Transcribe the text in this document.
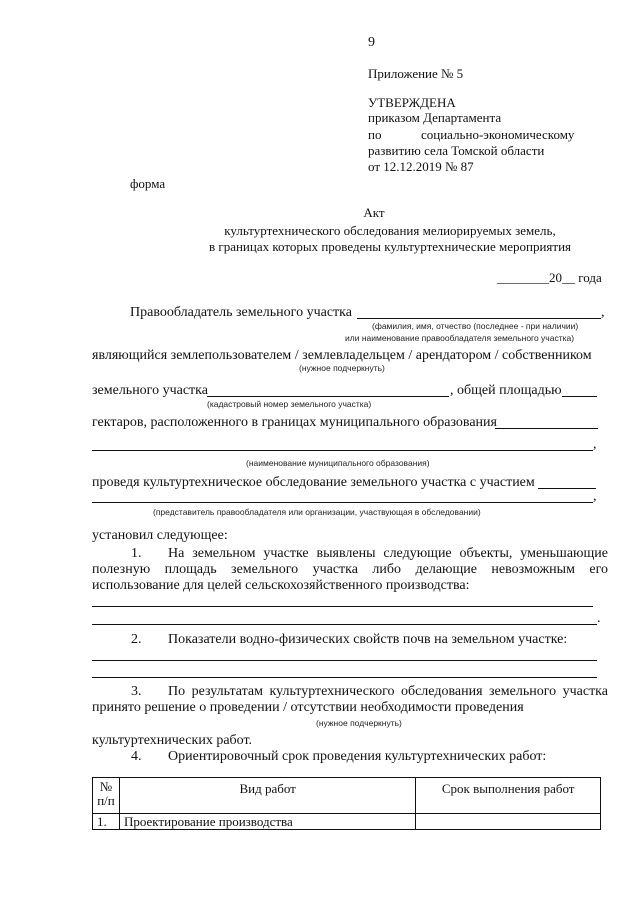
9
Приложение № 5
УТВЕРЖДЕНА
приказом Департамента
по	социально-экономическому
развитию села Томской области
от 12.12.2019 № 87
форма
Акт
культуртехнического обследования мелиорируемых земель,
в границах которых проведены культуртехнические мероприятия
________20__ года
Правообладатель земельного участка	,
(фамилия, имя, отчество (последнее - при наличии)
или наименование правообладателя земельного участка)
являющийся землепользователем / землевладельцем / арендатором / собственником
(нужное подчеркнуть)
земельного участка	, общей площадью
(кадастровый номер земельного участка)
гектаров, расположенного в границах муниципального образования
,
(наименование муниципального образования)
проведя культуртехническое обследование земельного участка с участием
,
(представитель правообладателя или организации, участвующая в обследовании)
установил следующее:
1. На земельном участке выявлены следующие объекты, уменьшающие
полезную площадь земельного участка либо делающие невозможным его
использование для целей сельскохозяйственного производства:
.
2. Показатели водно-физических свойств почв на земельном участке:
3. По результатам культуртехнического обследования земельного участка
принято решение о проведении / отсутствии необходимости проведения
(нужное подчеркнуть)
культуртехнических работ.
4. Ориентировочный срок проведения культуртехнических работ:
№ п/п	Вид работ	Срок выполнения работ
1.	Проектирование производства	
